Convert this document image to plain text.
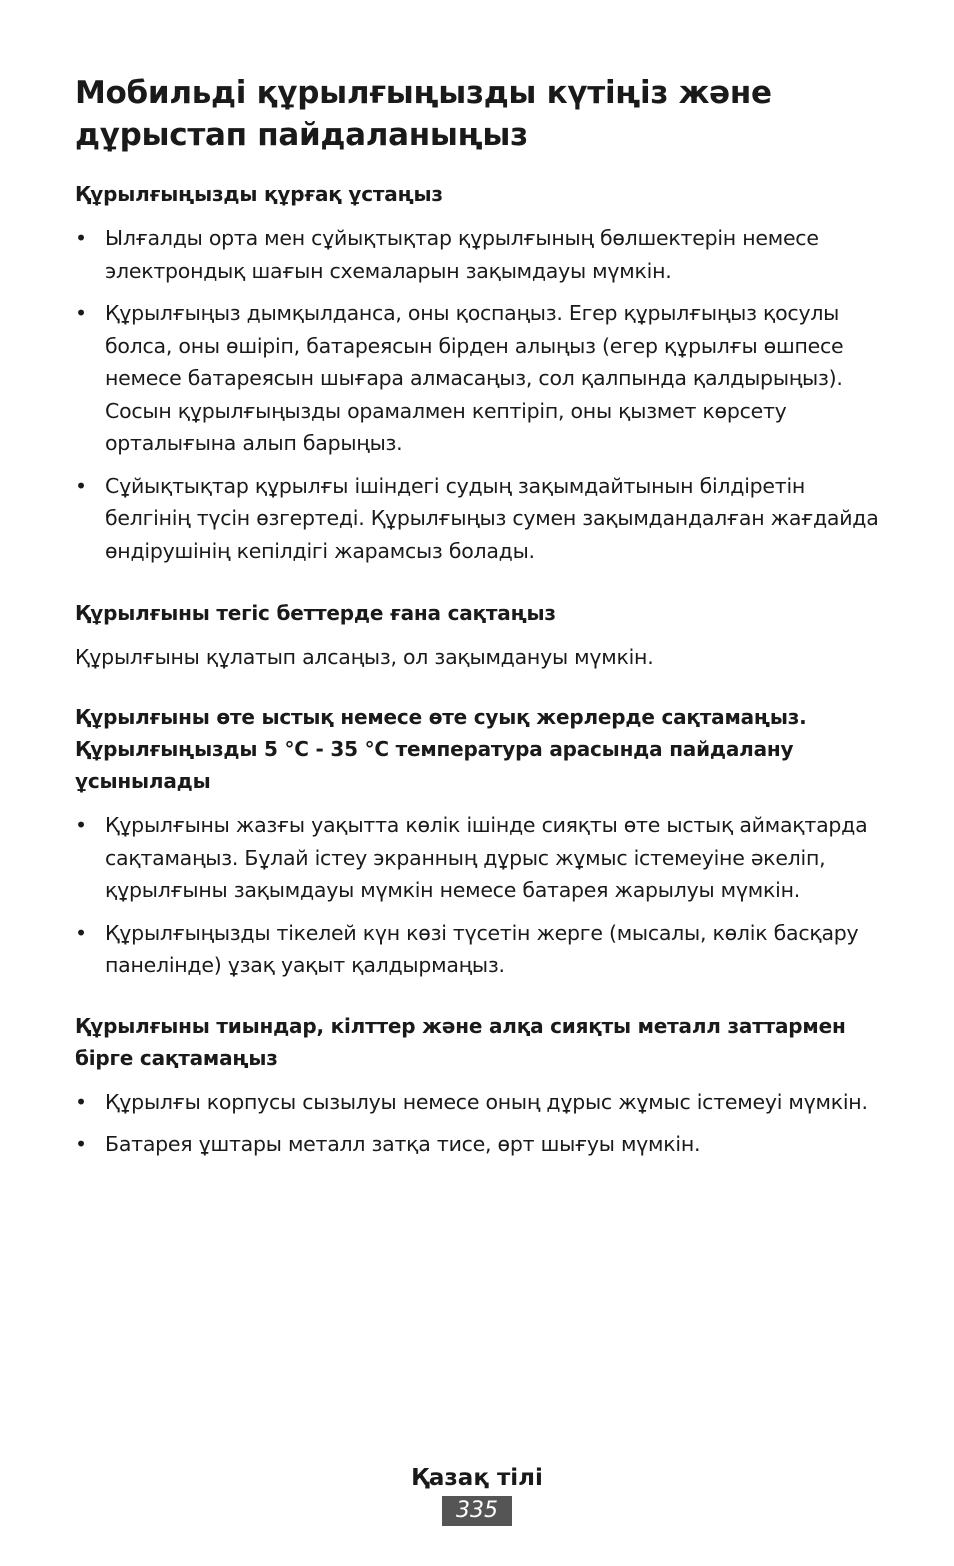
Мобильді құрылғыңызды күтіңіз және дұрыстап пайдаланыңыз

Құрылғыңызды құрғақ ұстаңыз

• Ылғалды орта мен сұйықтықтар құрылғының бөлшектерін немесе электрондық шағын схемаларын зақымдауы мүмкін.
• Құрылғыңыз дымқылданса, оны қоспаңыз. Егер құрылғыңыз қосулы болса, оны өшіріп, батареясын бірден алыңыз (егер құрылғы өшпесе немесе батареясын шығара алмасаңыз, сол қалпында қалдырыңыз). Сосын құрылғыңызды орамалмен кептіріп, оны қызмет көрсету орталығына алып барыңыз.
• Сұйықтықтар құрылғы ішіндегі судың зақымдайтынын білдіретін белгінің түсін өзгертеді. Құрылғыңыз сумен зақымдандалған жағдайда өндірушінің кепілдігі жарамсыз болады.

Құрылғыны тегіс беттерде ғана сақтаңыз

Құрылғыны құлатып алсаңыз, ол зақымдануы мүмкін.

Құрылғыны өте ыстық немесе өте суық жерлерде сақтамаңыз. Құрылғыңызды 5 °C - 35 °C температура арасында пайдалану ұсынылады

• Құрылғыны жазғы уақытта көлік ішінде сияқты өте ыстық аймақтарда сақтамаңыз. Бұлай істеу экранның дұрыс жұмыс істемеуіне әкеліп, құрылғыны зақымдауы мүмкін немесе батарея жарылуы мүмкін.
• Құрылғыңызды тікелей күн көзі түсетін жерге (мысалы, көлік басқару панелінде) ұзақ уақыт қалдырмаңыз.

Құрылғыны тиындар, кілттер және алқа сияқты металл заттармен бірге сақтамаңыз

• Құрылғы корпусы сызылуы немесе оның дұрыс жұмыс істемеуі мүмкін.
• Батарея ұштары металл затқа тисе, өрт шығуы мүмкін.
Қазақ тілі
335
